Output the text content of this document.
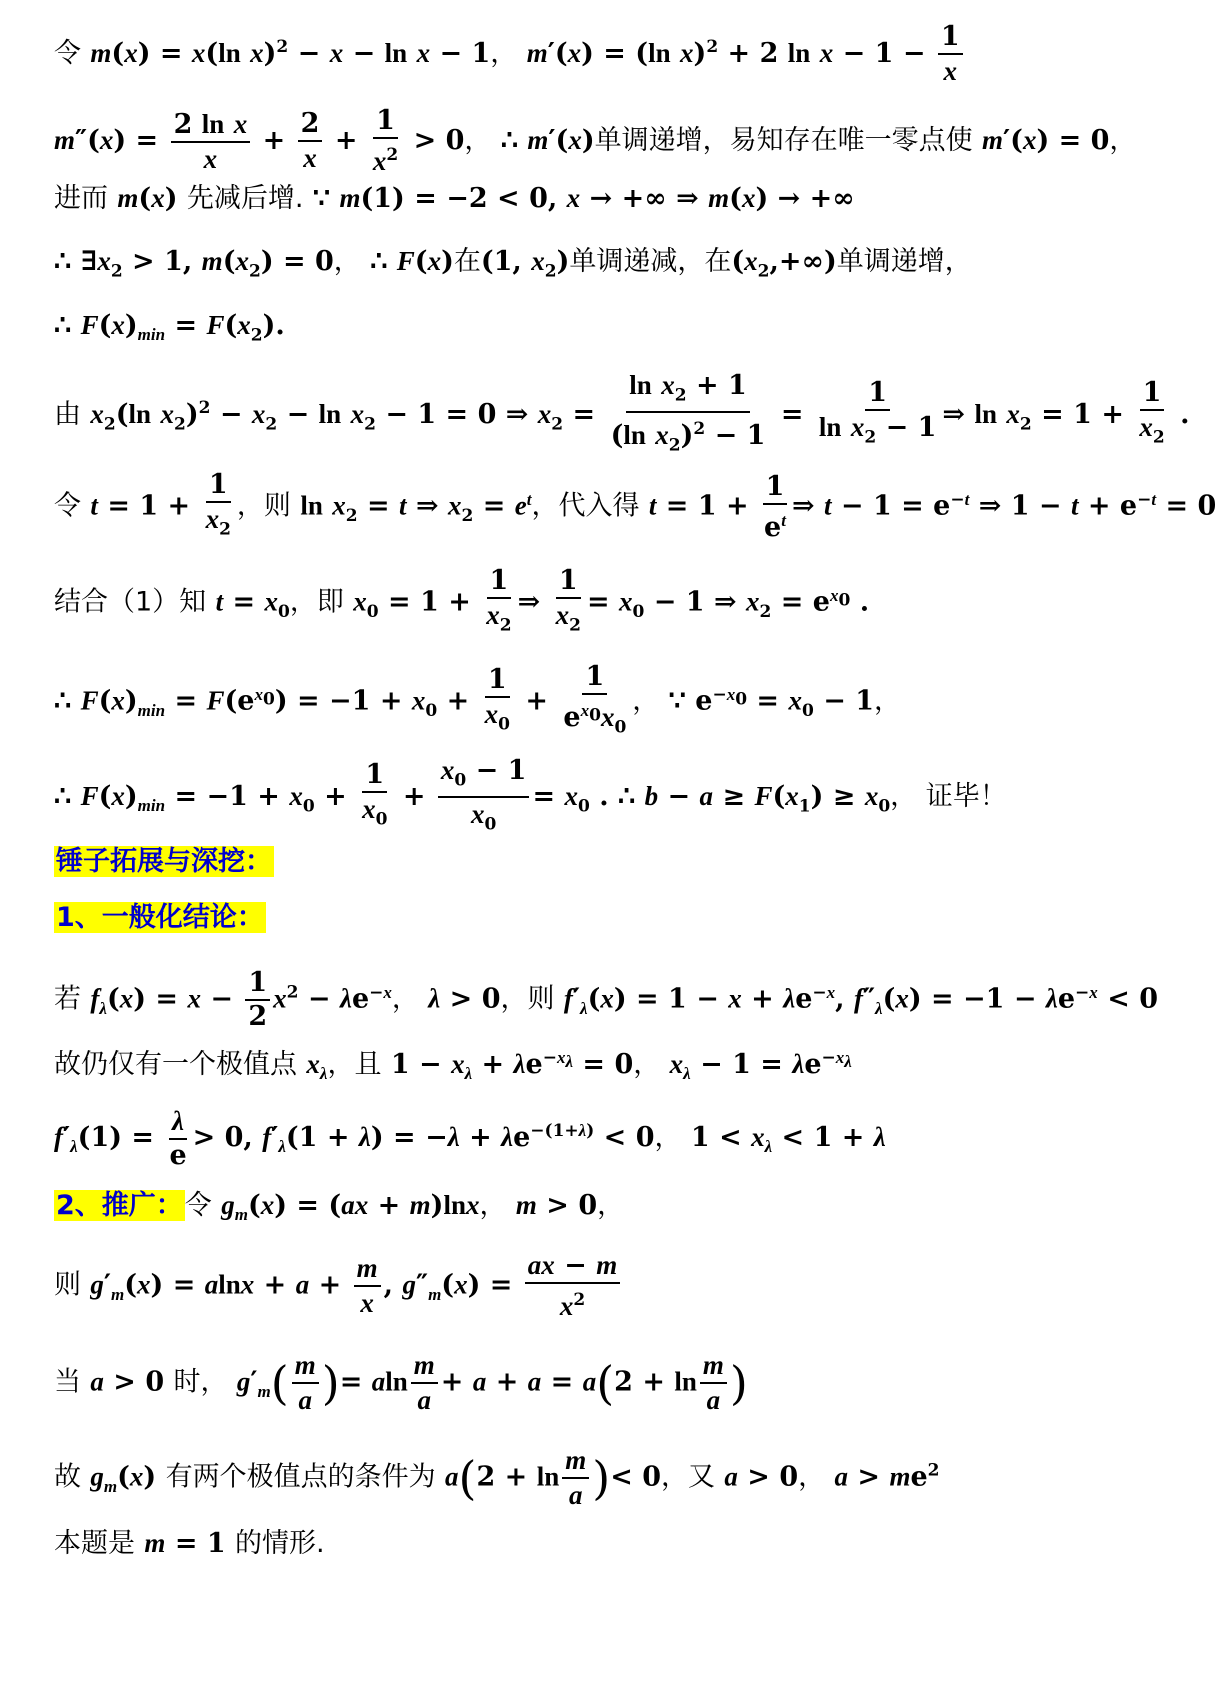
令 m(x) = x(ln x)$^2$ − x − ln x − 1， m′(x) = (ln x)$^2$ + 2 $\ln x - 1 - \frac{1}{x}$
$m''(x) = \frac{\text{2 ln x}}{x} + \frac{2}{x} + \frac{1}{x^2} > 0$， ∴ m′(x)单调递增，易知存在唯一零点使 m′(x) = 0，
进而 m(x) 先减后增. ∵ m(1) = −2 < 0, x → +∞ ⇒ m(x) → +∞
∴ $\exists x_2 > 1$, $m(x_2) = 0$， ∴ F(x)在(1, $x_2$)单调递减，在$(x_2,+\infty)$单调递增，
∴ $F(x)_{min} = F(x_2)$.
由 $x_2(\ln$ $x_2)^2 - x_2 - \ln x_2 - 1 = 0$ ⇒ $x_2 = \frac{\ln x_2 + 1}{(\ln x_2)^2 - 1} = \frac{1}{\ln x_2 - 1}$ ⇒ $\ln x_2 = 1 + \frac{1}{x_2}$ .
令 $t = 1 + \frac{1}{x_2}$ ，则 $\ln x_2 = t$ ⇒ $x_2 = e^t$，代入得 $t = 1 + \frac{1}{e^t}$ ⇒ $t - 1 = e^{-t}$ ⇒ $1 - t + e^{-t} = 0$
结合（1）知 $t = x_0$，即 $x_0 = 1 + \frac{1}{x_2}$ ⇒ $\frac{1}{x_2} = x_0 - 1$ ⇒ $x_2 = e^{x_0}$ .
∴ $F(x)_{min} = F(e^{x_0}) = -1 + x_0 + \frac{1}{x_0} + \frac{1}{e^{x_0}x_0}$ ， ∵ $e^{-x_0} = x_0 - 1$，
∴ $F(x)_{min} = -1 + x_0 + \frac{1}{x_0} + \frac{x_0 - 1}{x_0} = x_0$ . ∴ $b - a \ge F(x_1) \ge x_0$， 证毕！
锤子拓展与深挖：
1、一般化结论：
若 $f_\lambda(x) = x - \frac{1}{2} x^2 - \lambda e^{-x}$， λ > 0，则 $f'_\lambda(x) = 1 - x + \lambda e^{-x}$, $f''_\lambda(x) = -1 - \lambda e^{-x} < 0$
故仍仅有一个极值点 $x_\lambda$，且 $1 - x_\lambda + \lambda e^{-x_\lambda} = 0$， $x_\lambda - 1 = \lambda e^{-x_\lambda}$
$f'_\lambda(1) = \frac{\lambda}{e} > 0$, $f'_\lambda(1 + \lambda) = -\lambda + \lambda e^{-(1+\lambda)} < 0$， $1 < x_\lambda < 1 + \lambda$
2、推广：令 $g_m(x) = (ax + m)\ln x$， m > 0，
则 $g'_m(x) = alnx + a + \frac{m}{x}$ , $g''_m(x) = \frac{ax - m}{x^2}$
当 a > 0 时， $g'_m( \frac{m}{a}$ )= aln $\frac{m}{a} + a + a = a(2 + \ln \frac{m}{a}$ )
故 $g_m(x)$ 有两个极值点的条件为 $a(2 + \ln \frac{m}{a}$ )< 0，又 a > 0， $a > me^2$
本题是 m = 1 的情形.
